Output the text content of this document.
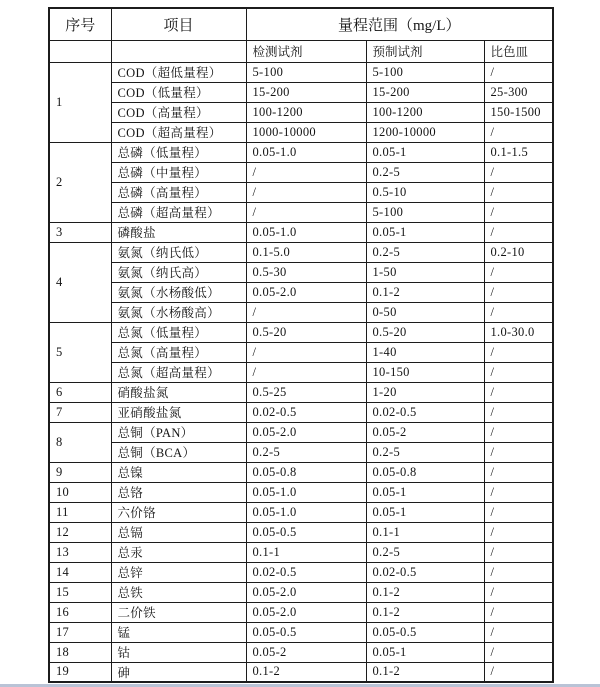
序号	项目	量程范围（mg/L）		
		检测试剂	预制试剂	比色皿
1	COD（超低量程）	5-100	5-100	/
	COD（低量程）	15-200	15-200	25-300
	COD（高量程）	100-1200	100-1200	150-1500
	COD（超高量程）	1000-10000	1200-10000	/
2	总磷（低量程）	0.05-1.0	0.05-1	0.1-1.5
	总磷（中量程）	/	0.2-5	/
	总磷（高量程）	/	0.5-10	/
	总磷（超高量程）	/	5-100	/
3	磷酸盐	0.05-1.0	0.05-1	/
4	氨氮（纳氏低）	0.1-5.0	0.2-5	0.2-10
	氨氮（纳氏高）	0.5-30	1-50	/
	氨氮（水杨酸低）	0.05-2.0	0.1-2	/
	氨氮（水杨酸高）	/	0-50	/
5	总氮（低量程）	0.5-20	0.5-20	1.0-30.0
	总氮（高量程）	/	1-40	/
	总氮（超高量程）	/	10-150	/
6	硝酸盐氮	0.5-25	1-20	/
7	亚硝酸盐氮	0.02-0.5	0.02-0.5	/
8	总铜（PAN）	0.05-2.0	0.05-2	/
	总铜（BCA）	0.2-5	0.2-5	/
9	总镍	0.05-0.8	0.05-0.8	/
10	总铬	0.05-1.0	0.05-1	/
11	六价铬	0.05-1.0	0.05-1	/
12	总镉	0.05-0.5	0.1-1	/
13	总汞	0.1-1	0.2-5	/
14	总锌	0.02-0.5	0.02-0.5	/
15	总铁	0.05-2.0	0.1-2	/
16	二价铁	0.05-2.0	0.1-2	/
17	锰	0.05-0.5	0.05-0.5	/
18	钴	0.05-2	0.05-1	/
19	砷	0.1-2	0.1-2	/
